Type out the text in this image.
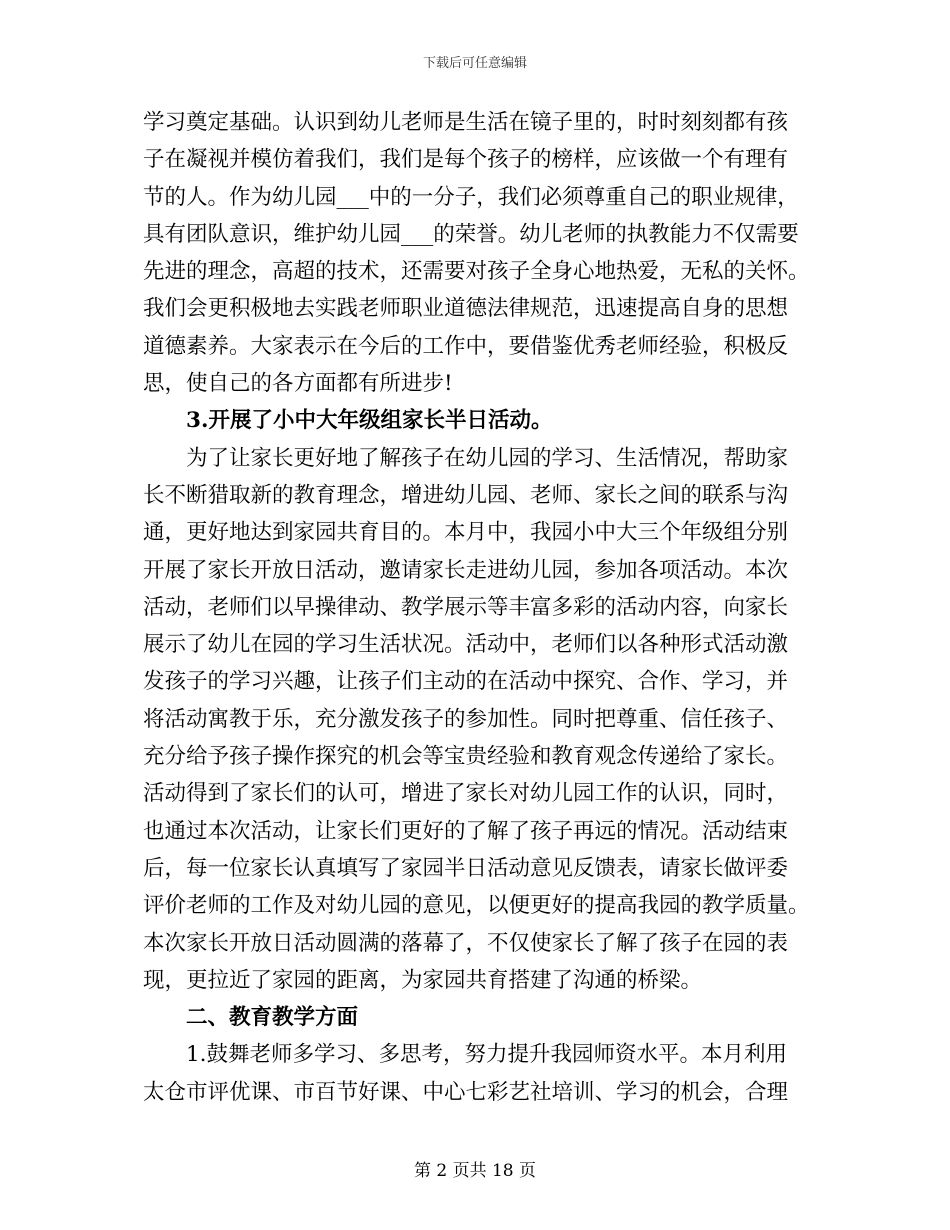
下载后可任意编辑
学习奠定基础。认识到幼儿老师是生活在镜子里的，时时刻刻都有孩
子在凝视并模仿着我们，我们是每个孩子的榜样，应该做一个有理有
节的人。作为幼儿园___中的一分子，我们必须尊重自己的职业规律，
具有团队意识，维护幼儿园___的荣誉。幼儿老师的执教能力不仅需要
先进的理念，高超的技术，还需要对孩子全身心地热爱，无私的关怀。
我们会更积极地去实践老师职业道德法律规范，迅速提高自身的思想
道德素养。大家表示在今后的工作中，要借鉴优秀老师经验，积极反
思，使自己的各方面都有所进步!
3.开展了小中大年级组家长半日活动。
为了让家长更好地了解孩子在幼儿园的学习、生活情况，帮助家
长不断猎取新的教育理念，增进幼儿园、老师、家长之间的联系与沟
通，更好地达到家园共育目的。本月中，我园小中大三个年级组分别
开展了家长开放日活动，邀请家长走进幼儿园，参加各项活动。本次
活动，老师们以早操律动、教学展示等丰富多彩的活动内容，向家长
展示了幼儿在园的学习生活状况。活动中，老师们以各种形式活动激
发孩子的学习兴趣，让孩子们主动的在活动中探究、合作、学习，并
将活动寓教于乐，充分激发孩子的参加性。同时把尊重、信任孩子、
充分给予孩子操作探究的机会等宝贵经验和教育观念传递给了家长。
活动得到了家长们的认可，增进了家长对幼儿园工作的认识，同时，
也通过本次活动，让家长们更好的了解了孩子再远的情况。活动结束
后，每一位家长认真填写了家园半日活动意见反馈表，请家长做评委
评价老师的工作及对幼儿园的意见，以便更好的提高我园的教学质量。
本次家长开放日活动圆满的落幕了，不仅使家长了解了孩子在园的表
现，更拉近了家园的距离，为家园共育搭建了沟通的桥梁。
二、教育教学方面
1.鼓舞老师多学习、多思考，努力提升我园师资水平。本月利用
太仓市评优课、市百节好课、中心七彩艺社培训、学习的机会，合理
第 2 页共 18 页
